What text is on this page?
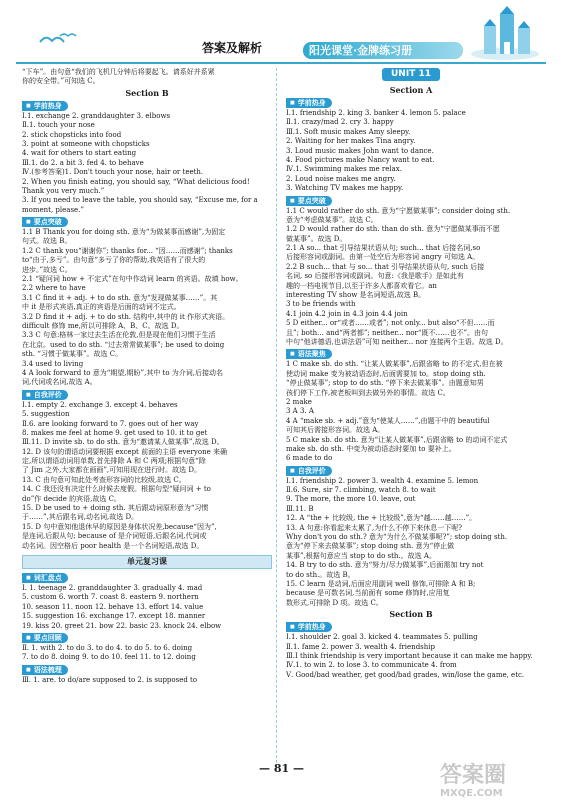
答案及解析	阳光课堂·金牌练习册
“下车”。由句意“我们的飞机几分钟后将要起飞。请系好并系紧
你的安全带。”可知选 C。
Section B
■ 学前热身
Ⅰ.1. exchange 2. granddaughter 3. elbows
Ⅱ.1. touch your nose
2. stick chopsticks into food
3. point at someone with chopsticks
4. wait for others to start eating
Ⅲ.1. do 2. a bit 3. fed 4. to behave
Ⅳ.(参考答案)1. Don't touch your nose, hair or teeth.
2. When you finish eating, you should say, “What delicious food!
Thank you very much.”
3. If you need to leave the table, you should say, “Excuse me, for a
moment, please.”
■ 要点突破
1.1 B Thank you for doing sth. 意为“为做某事而感谢”,为固定
句式。故选 B。
1.2 C thank you“谢谢你”; thanks for... “因……而感谢”; thanks
to“由于,多亏”。由句意“多亏了你的帮助,我英语有了很大的
进步。”故选 C。
2.1 “疑问词 how + 不定式”在句中作动词 learn 的宾语。故填 how。
2.2 where to have
3.1 C find it + adj. + to do sth. 意为“发现做某事……”。其
中 it 是形式宾语,真正的宾语是后面的动词不定式。
3.2 D find it + adj. + to do sth. 结构中,其中的 it 作形式宾语。
difficult 修饰 me,所以可排除 A、B、C。故选 D。
3.3 C 句意:格林一家过去生活在伦敦,但是现在他们习惯于生活
在北京。used to do sth. “过去常常做某事”; be used to doing
sth. “习惯于做某事”。故选 C。
3.4 used to living
4 A look forward to 意为“期望,期盼”,其中 to 为介词,后接动名
词,代词或名词,故选 A。
■ 自我评价
Ⅰ.1. empty 2. exchange 3. except 4. behaves
5. suggestion
Ⅱ.6. are looking forward to 7. goes out of her way
8. makes me feel at home 9. get used to 10. it to get
Ⅲ.11. D invite sb. to do sth. 意为“邀请某人做某事”,故选 D。
12. D 该句的谓语动词要根据 except 前面的主语 everyone 来确
定,所以谓语动词用单数,首先排除 A 和 C 两项;根据句意“除
了 Jim 之外,大家都在画画”,可知用现在进行时。故选 D。
13. C 由句意可知此处考查形容词的比较级,故选 C。
14. C 我还没有决定什么时候去度假。根据句型“疑问词 + to
do”作 decide 的宾语,故选 C。
15. D be used to + doing sth. 其后跟动词原形意为“习惯
于……”,其后跟名词,动名词,故选 D。
15. D 句中意知他退休早的原因是身体状况差,because“因为”,
是连词,后跟从句; because of 是介词短语,后跟名词,代词或
动名词。因空格后 poor health 是一个名词短语,故选 D。
单元复习课
■ 词汇盘点
Ⅰ. 1. teenage 2. granddaughter 3. gradually 4. mad
5. custom 6. worth 7. coast 8. eastern 9. northern
10. season 11. noon 12. behave 13. effort 14. value
15. suggestion 16. exchange 17. except 18. manner
19. kiss 20. greet 21. bow 22. basic 23. knock 24. elbow
■ 要点回顾
Ⅱ. 1. with 2. to do 3. to do 4. to do 5. to 6. doing
7. to do 8. doing 9. to do 10. feel 11. to 12. doing
■ 语法梳理
Ⅲ. 1. are. to do/are supposed to 2. is supposed to
UNIT 11
Section A
■ 学前热身
Ⅰ.1. friendship 2. king 3. banker 4. lemon 5. palace
Ⅱ.1. crazy/mad 2. cry 3. happy
Ⅲ.1. Soft music makes Amy sleepy.
2. Waiting for her makes Tina angry.
3. Loud music makes John want to dance.
4. Food pictures make Nancy want to eat.
Ⅳ.1. Swimming makes me relax.
2. Loud noise makes me angry.
3. Watching TV makes me happy.
■ 要点突破
1.1 C would rather do sth. 意为“宁愿做某事”; consider doing sth.
意为“考虑做某事”。故选 C。
1.2 D would rather do sth. than do sth. 意为“宁愿做某事而不愿
做某事”。故选 D。
2.1 A so... that 引导结果状语从句; such... that 后接名词,so
后接形容词或副词。由第一处空后为形容词 angry 可知选 A。
2.2 B such... that 与 so... that 引导结果状语从句, such 后接
名词, so 后接形容词或副词。句意:《我是歌手》是如此有
趣的一档电视节目,以至于许多人都喜欢看它。an
interesting TV show 是名词短语,故选 B。
3 to be friends with
4.1 join 4.2 join in 4.3 join 4.4 join
5 D either... or“或者……或者”; not only... but also“不但……而
且”; both... and“两者都”; neither... nor“既不……也不”。由句
中句“他讲德语,也讲法语”可知 neither... nor 连接两个主语。故选 D。
■ 语法聚焦
1 C make sb. do sth. “让某人做某事”,后跟省略 to 的不定式,但在被
使动词 make 变为被动语态时,后面需要加 to。stop doing sth.
“停止做某事”; stop to do sth. “停下来去做某事”。由题意知男
孩们停下工作,被老板叫到去做另外的事情。故选 C。
2 make
3 A 3. A
4 A “make sb. + adj.”意为“使某人……”,由题干中的 beautiful
可知其后需接形容词。故选 A。
5 C make sb. do sth. 意为“让某人做某事”,后跟省略 to 的动词不定式
make sb. do sth. 中变为被动语态时要加 to 要补上。
6 made to do
■ 自我评价
Ⅰ.1. friendship 2. power 3. wealth 4. examine 5. lemon
Ⅱ.6. Sure, sir 7. climbing, watch 8. to wait
9. The more, the more 10. leave, out
Ⅲ.11. B
12. A “the + 比较级, the + 比较级”,意为“越……越……”。
13. A 句意:你看起来太累了,为什么不停下来休息一下呢?
Why don't you do sth.? 意为“为什么不做某事呢?”; stop doing sth.
意为“停下来去做某事”; stop doing sth. 意为“停止做
某事”,根据句意应当 stop to do sth.。故选 A。
14. B try to do sth. 意为“努力/尽力做某事”,后面需加 try not
to do sth.。故选 B。
15. C learn 是动词,后面应用副词 well 修饰,可排除 A 和 B;
because 是可数名词,当前面有 some 修饰时,应用复
数形式,可排除 D 项。故选 C。
Section B
■ 学前热身
Ⅰ.1. shoulder 2. goal 3. kicked 4. teammates 5. pulling
Ⅱ.1. fame 2. power 3. wealth 4. friendship
Ⅲ.I think friendship is very important because it can make me happy.
Ⅳ.1. to win 2. to lose 3. to communicate 4. from
Ⅴ. Good/bad weather, get good/bad grades, win/lose the game, etc.
— 81 —	答案圈
MXQE.COM
